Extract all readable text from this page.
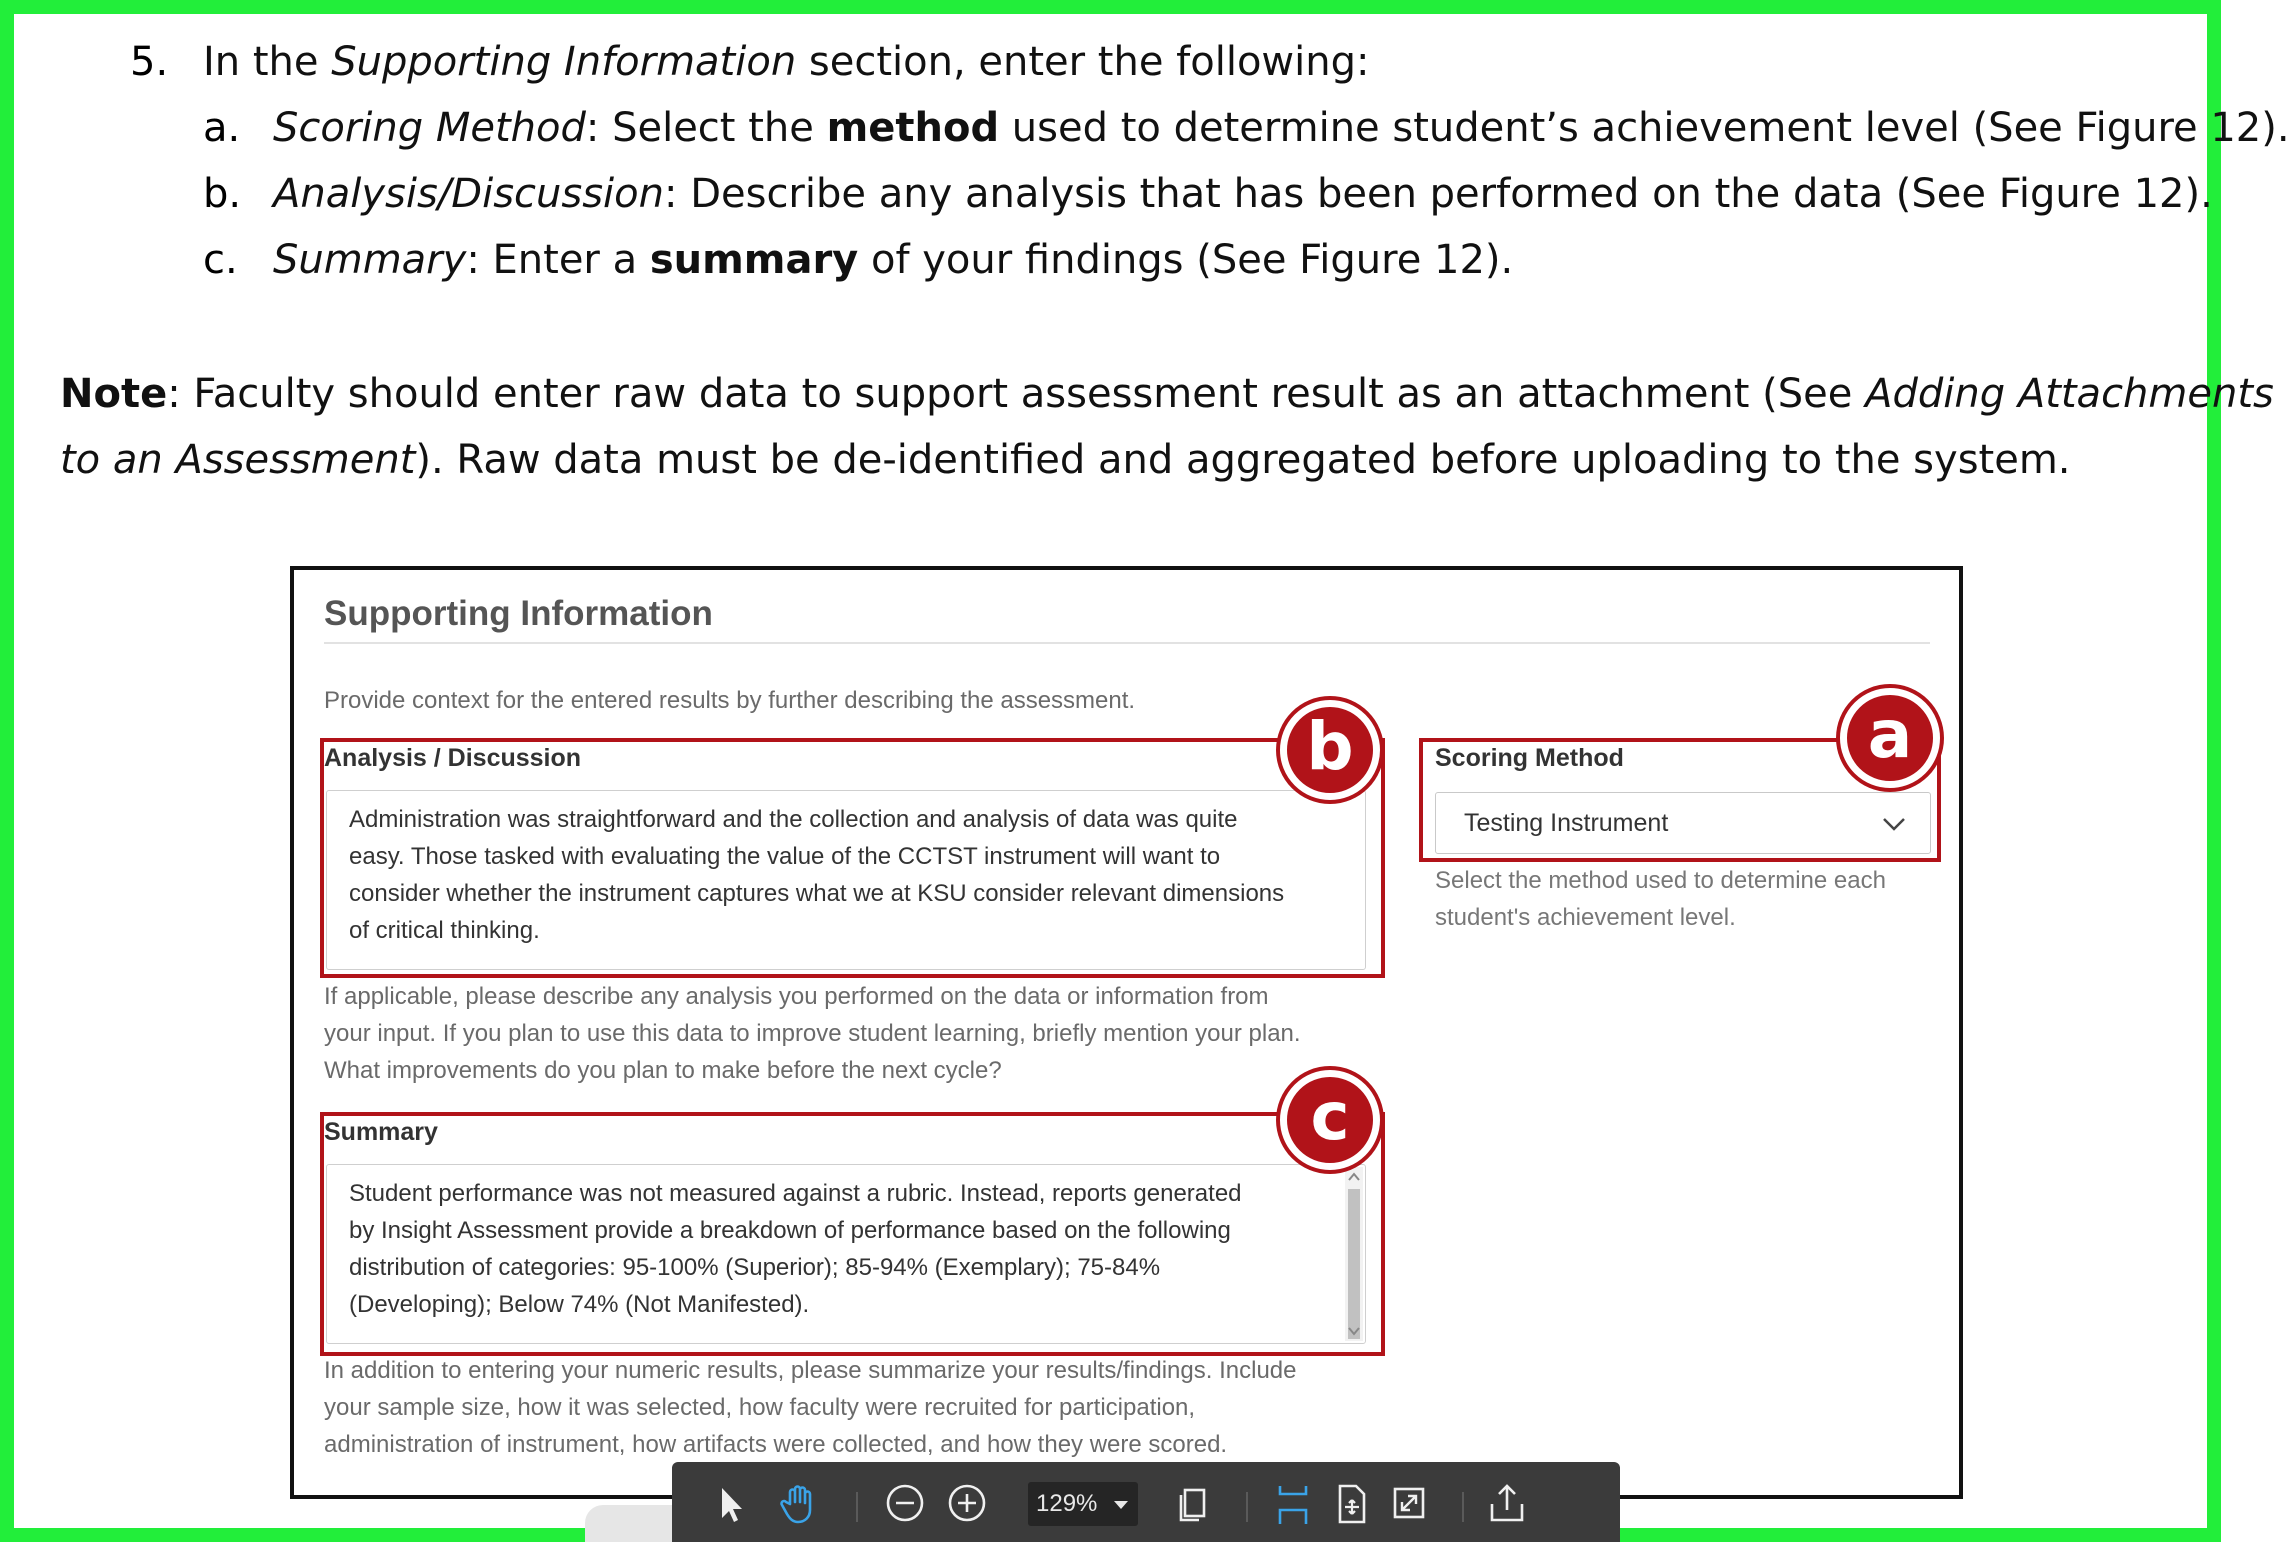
5. In the Supporting Information section, enter the following:
a. Scoring Method: Select the method used to determine student’s achievement level (See Figure 12).
b. Analysis/Discussion: Describe any analysis that has been performed on the data (See Figure 12).
c. Summary: Enter a summary of your findings (See Figure 12).
Note: Faculty should enter raw data to support assessment result as an attachment (See Adding Attachments
to an Assessment). Raw data must be de-identified and aggregated before uploading to the system.
Supporting Information
Provide context for the entered results by further describing the assessment.
Analysis / Discussion
Administration was straightforward and the collection and analysis of data was quite
easy. Those tasked with evaluating the value of the CCTST instrument will want to
consider whether the instrument captures what we at KSU consider relevant dimensions
of critical thinking.
If applicable, please describe any analysis you performed on the data or information from
your input. If you plan to use this data to improve student learning, briefly mention your plan.
What improvements do you plan to make before the next cycle?
Summary
Student performance was not measured against a rubric. Instead, reports generated
by Insight Assessment provide a breakdown of performance based on the following
distribution of categories: 95-100% (Superior); 85-94% (Exemplary); 75-84%
(Developing); Below 74% (Not Manifested).
In addition to entering your numeric results, please summarize your results/findings. Include
your sample size, how it was selected, how faculty were recruited for participation,
administration of instrument, how artifacts were collected, and how they were scored.
Scoring Method
Testing Instrument
Select the method used to determine each
student's achievement level.
b
c
a
129%
